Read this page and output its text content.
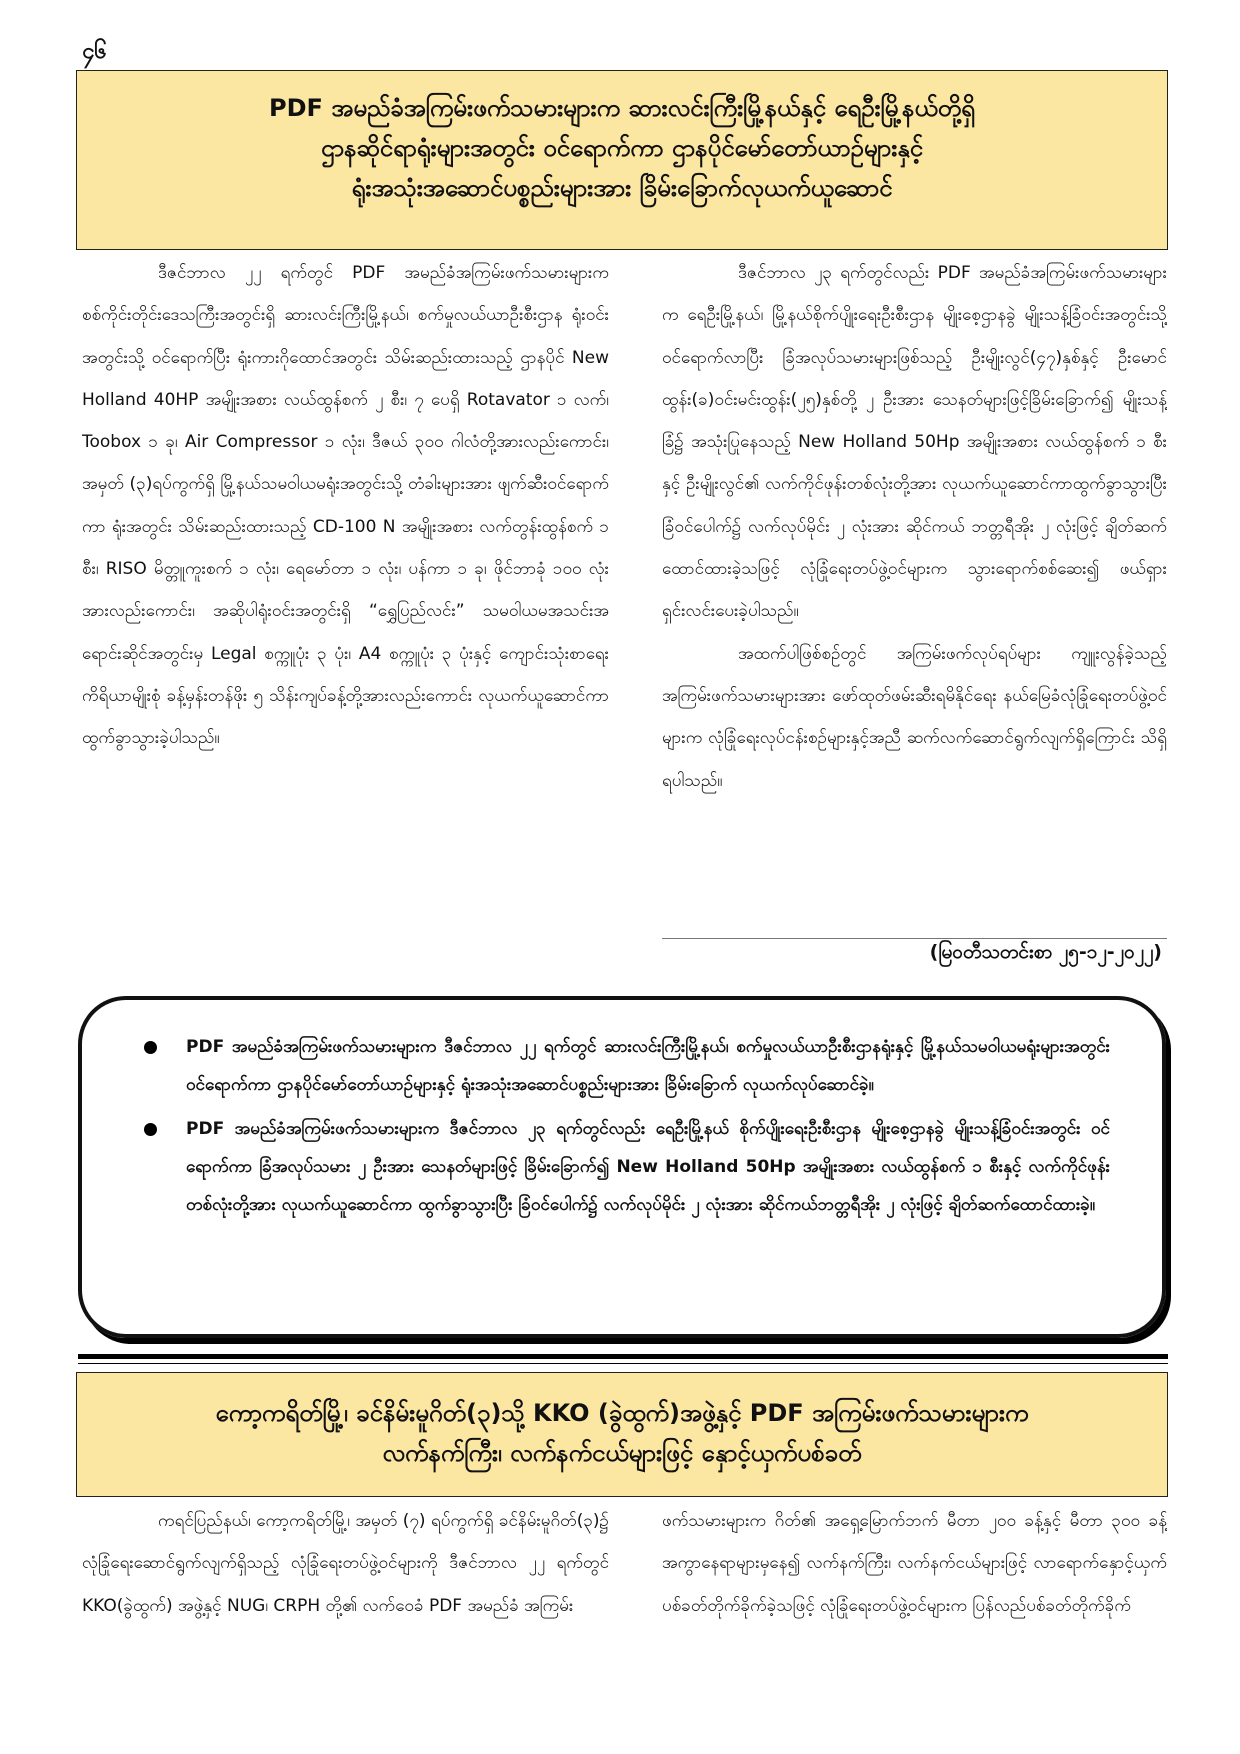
၄၆
PDF အမည်ခံအကြမ်းဖက်သမားများက ဆားလင်းကြီးမြို့နယ်နှင့် ရေဦးမြို့နယ်တို့ရှိ
ဌာနဆိုင်ရာရုံးများအတွင်း ဝင်ရောက်ကာ ဌာနပိုင်မော်တော်ယာဉ်များနှင့်
ရုံးအသုံးအဆောင်ပစ္စည်းများအား ခြိမ်းခြောက်လုယက်ယူဆောင်

ဒီဇင်ဘာလ ၂၂ ရက်တွင် PDF အမည်ခံအကြမ်းဖက်သမားများက စစ်ကိုင်းတိုင်းဒေသကြီးအတွင်းရှိ ဆားလင်းကြီးမြို့နယ်၊ စက်မှုလယ်ယာဦးစီးဌာန ရုံးဝင်းအတွင်းသို့ ဝင်ရောက်ပြီး ရုံးကားဂိုထောင်အတွင်း သိမ်းဆည်းထားသည့် ဌာနပိုင် New Holland 40HP အမျိုးအစား လယ်ထွန်စက် ၂ စီး၊ ၇ ပေရှိ Rotavator ၁ လက်၊ Toobox ၁ ခု၊ Air Compressor ၁ လုံး၊ ဒီဇယ် ၃၀၀ ဂါလံတို့အားလည်းကောင်း၊ အမှတ် (၃)ရပ်ကွက်ရှိ မြို့နယ်သမဝါယမရုံးအတွင်းသို့ တံခါးများအား ဖျက်ဆီးဝင်ရောက်ကာ ရုံးအတွင်း သိမ်းဆည်းထားသည့် CD-100 N အမျိုးအစား လက်တွန်းထွန်စက် ၁ စီး၊ RISO မိတ္တူကူးစက် ၁ လုံး၊ ရေမော်တာ ၁ လုံး၊ ပန်ကာ ၁ ခု၊ ဖိုင်ဘာခုံ ၁၀၀ လုံးအားလည်းကောင်း၊ အဆိုပါရုံးဝင်းအတွင်းရှိ “ရွှေပြည်လင်း” သမဝါယမအသင်းအရောင်းဆိုင်အတွင်းမှ Legal စက္ကူပုံး ၃ ပုံး၊ A4 စက္ကူပုံး ၃ ပုံးနှင့် ကျောင်းသုံးစာရေးကိရိယာမျိုးစုံ ခန့်မှန်းတန်ဖိုး ၅ သိန်းကျပ်ခန့်တို့အားလည်းကောင်း လုယက်ယူဆောင်ကာ ထွက်ခွာသွားခဲ့ပါသည်။

ဒီဇင်ဘာလ ၂၃ ရက်တွင်လည်း PDF အမည်ခံအကြမ်းဖက်သမားများက ရေဦးမြို့နယ်၊ မြို့နယ်စိုက်ပျိုးရေးဦးစီးဌာန မျိုးစေ့ဌာနခွဲ မျိုးသန့်ခြံဝင်းအတွင်းသို့ ဝင်ရောက်လာပြီး ခြံအလုပ်သမားများဖြစ်သည့် ဦးမျိုးလွင်(၄၇)နှစ်နှင့် ဦးမောင်ထွန်း(ခ)ဝင်းမင်းထွန်း(၂၅)နှစ်တို့ ၂ ဦးအား သေနတ်များဖြင့်ခြိမ်းခြောက်၍ မျိုးသန့်ခြံ၌ အသုံးပြုနေသည့် New Holland 50Hp အမျိုးအစား လယ်ထွန်စက် ၁ စီးနှင့် ဦးမျိုးလွင်၏ လက်ကိုင်ဖုန်းတစ်လုံးတို့အား လုယက်ယူဆောင်ကာထွက်ခွာသွားပြီး ခြံဝင်ပေါက်၌ လက်လုပ်မိုင်း ၂ လုံးအား ဆိုင်ကယ် ဘတ္တရီအိုး ၂ လုံးဖြင့် ချိတ်ဆက်ထောင်ထားခဲ့သဖြင့် လုံခြုံရေးတပ်ဖွဲ့ဝင်များက သွားရောက်စစ်ဆေး၍ ဖယ်ရှားရှင်းလင်းပေးခဲ့ပါသည်။

အထက်ပါဖြစ်စဉ်တွင် အကြမ်းဖက်လုပ်ရပ်များ ကျူးလွန်ခဲ့သည့် အကြမ်းဖက်သမားများအား ဖော်ထုတ်ဖမ်းဆီးရမိနိုင်ရေး နယ်မြေခံလုံခြုံရေးတပ်ဖွဲ့ဝင်များက လုံခြုံရေးလုပ်ငန်းစဉ်များနှင့်အညီ ဆက်လက်ဆောင်ရွက်လျက်ရှိကြောင်း သိရှိရပါသည်။

(မြဝတီသတင်းစာ ၂၅-၁၂-၂၀၂၂)
PDF အမည်ခံအကြမ်းဖက်သမားများက ဒီဇင်ဘာလ ၂၂ ရက်တွင် ဆားလင်းကြီးမြို့နယ်၊ စက်မှုလယ်ယာဦးစီးဌာနရုံးနှင့် မြို့နယ်သမဝါယမရုံးများအတွင်း ဝင်ရောက်ကာ ဌာနပိုင်မော်တော်ယာဉ်များနှင့် ရုံးအသုံးအဆောင်ပစ္စည်းများအား ခြိမ်းခြောက် လုယက်လုပ်ဆောင်ခဲ့။
PDF အမည်ခံအကြမ်းဖက်သမားများက ဒီဇင်ဘာလ ၂၃ ရက်တွင်လည်း ရေဦးမြို့နယ် စိုက်ပျိုးရေးဦးစီးဌာန မျိုးစေ့ဌာနခွဲ မျိုးသန့်ခြံဝင်းအတွင်း ဝင်ရောက်ကာ ခြံအလုပ်သမား ၂ ဦးအား သေနတ်များဖြင့် ခြိမ်းခြောက်၍ New Holland 50Hp အမျိုးအစား လယ်ထွန်စက် ၁ စီးနှင့် လက်ကိုင်ဖုန်းတစ်လုံးတို့အား လုယက်ယူဆောင်ကာ ထွက်ခွာသွားပြီး ခြံဝင်ပေါက်၌ လက်လုပ်မိုင်း ၂ လုံးအား ဆိုင်ကယ်ဘတ္တရီအိုး ၂ လုံးဖြင့် ချိတ်ဆက်ထောင်ထားခဲ့။
ကော့ကရိတ်မြို့၊ ခင်နိမ်းမူဂိတ်(၃)သို့ KKO (ခွဲထွက်)အဖွဲ့နှင့် PDF အကြမ်းဖက်သမားများက
လက်နက်ကြီး၊ လက်နက်ငယ်များဖြင့် နှောင့်ယှက်ပစ်ခတ်

ကရင်ပြည်နယ်၊ ကော့ကရိတ်မြို့၊ အမှတ် (၇) ရပ်ကွက်ရှိ ခင်နိမ်းမူဂိတ်(၃)၌ လုံခြုံရေးဆောင်ရွက်လျက်ရှိသည့် လုံခြုံရေးတပ်ဖွဲ့ဝင်များကို ဒီဇင်ဘာလ ၂၂ ရက်တွင် KKO(ခွဲထွက်) အဖွဲ့နှင့် NUG၊ CRPH တို့၏ လက်ဝေခံ PDF အမည်ခံ အကြမ်း

ဖက်သမားများက ဂိတ်၏ အရှေ့မြောက်ဘက် မီတာ ၂၀၀ ခန့်နှင့် မီတာ ၃၀၀ ခန့်အကွာနေရာများမှနေ၍ လက်နက်ကြီး၊ လက်နက်ငယ်များဖြင့် လာရောက်နှောင့်ယှက်ပစ်ခတ်တိုက်ခိုက်ခဲ့သဖြင့် လုံခြုံရေးတပ်ဖွဲ့ဝင်များက ပြန်လည်ပစ်ခတ်တိုက်ခိုက်
